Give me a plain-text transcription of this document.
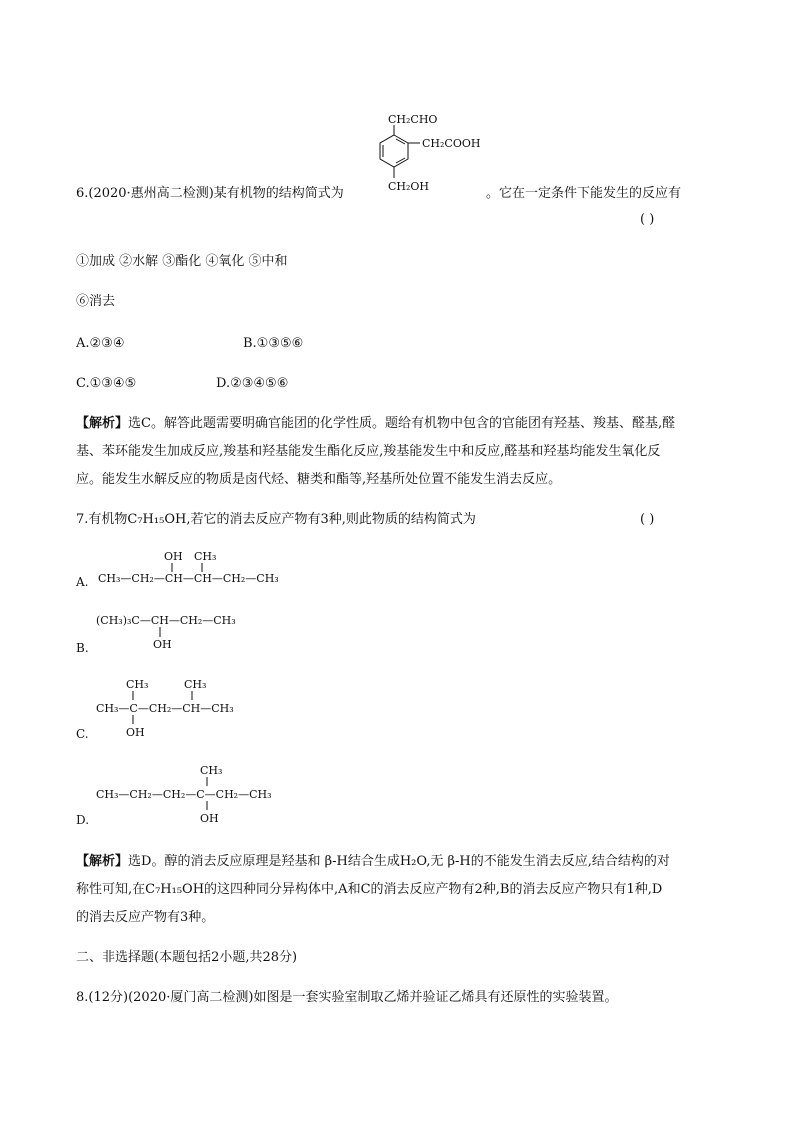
CH₂CHO
CH₂COOH
CH₂OH
6.(2020·惠州高二检测)某有机物的结构简式为	。它在一定条件下能发生的反应有
( )
①加成 ②水解 ③酯化 ④氧化 ⑤中和
⑥消去
A.②③④	B.①③⑤⑥
C.①③④⑤	D.②③④⑤⑥
【解析】选C。解答此题需要明确官能团的化学性质。题给有机物中包含的官能团有羟基、羧基、醛基,醛
基、苯环能发生加成反应,羧基和羟基能发生酯化反应,羧基能发生中和反应,醛基和羟基均能发生氧化反
应。能发生水解反应的物质是卤代烃、糖类和酯等,羟基所处位置不能发生消去反应。
7.有机物C₇H₁₅OH,若它的消去反应产物有3种,则此物质的结构简式为	( )
A.
OH CH₃
CH₃—CH₂—CH—CH—CH₂—CH₃
(CH₃)₃C—CH—CH₂—CH₃
OH
B.
CH₃	CH₃
CH₃—C—CH₂—CH—CH₃
OH
C.
CH₃
CH₃—CH₂—CH₂—C—CH₂—CH₃
OH
D.
【解析】选D。醇的消去反应原理是羟基和 β-H结合生成H₂O,无 β-H的不能发生消去反应,结合结构的对
称性可知,在C₇H₁₅OH的这四种同分异构体中,A和C的消去反应产物有2种,B的消去反应产物只有1种,D
的消去反应产物有3种。
二、非选择题(本题包括2小题,共28分)
8.(12分)(2020·厦门高二检测)如图是一套实验室制取乙烯并验证乙烯具有还原性的实验装置。
